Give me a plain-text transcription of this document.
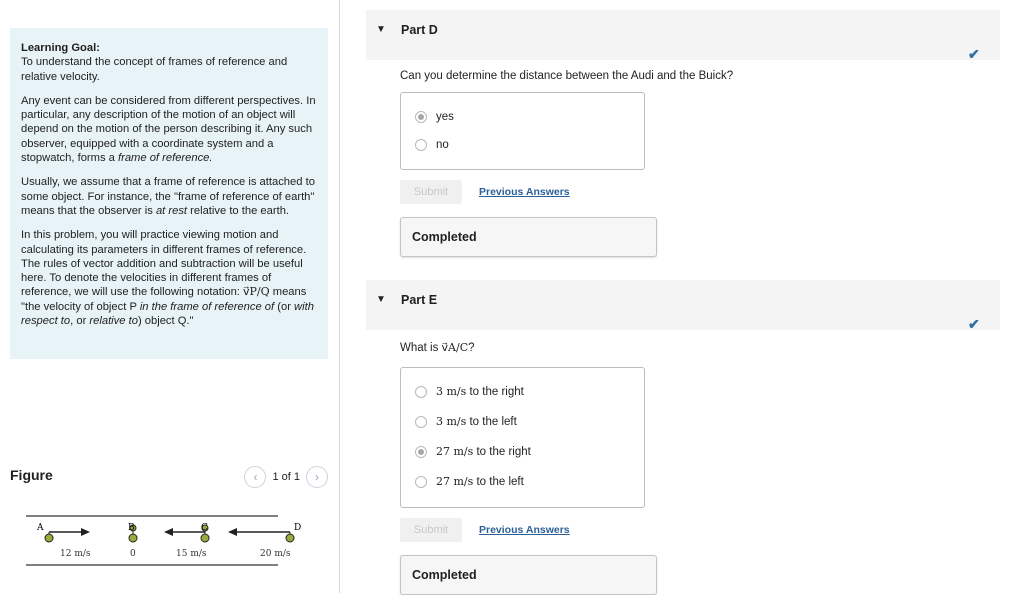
Learning Goal:
To understand the concept of frames of reference and relative velocity.

Any event can be considered from different perspectives. In particular, any description of the motion of an object will depend on the motion of the person describing it. Any such observer, equipped with a coordinate system and a stopwatch, forms a frame of reference.

Usually, we assume that a frame of reference is attached to some object. For instance, the "frame of reference of earth" means that the observer is at rest relative to the earth.

In this problem, you will practice viewing motion and calculating its parameters in different frames of reference. The rules of vector addition and subtraction will be useful here. To denote the velocities in different frames of reference, we will use the following notation: v⃗P/Q means "the velocity of object P in the frame of reference of (or with respect to, or relative to) object Q."

Figure	‹ 1 of 1 ›
A	B	C	D
12 m/s	0	15 m/s	20 m/s
▼ Part D
✔
Can you determine the distance between the Audi and the Buick?
yes
no
Submit	Previous Answers
Completed
▼ Part E
✔
What is v⃗A/C?
3 m/s to the right
3 m/s to the left
27 m/s to the right
27 m/s to the left
Submit	Previous Answers
Completed
